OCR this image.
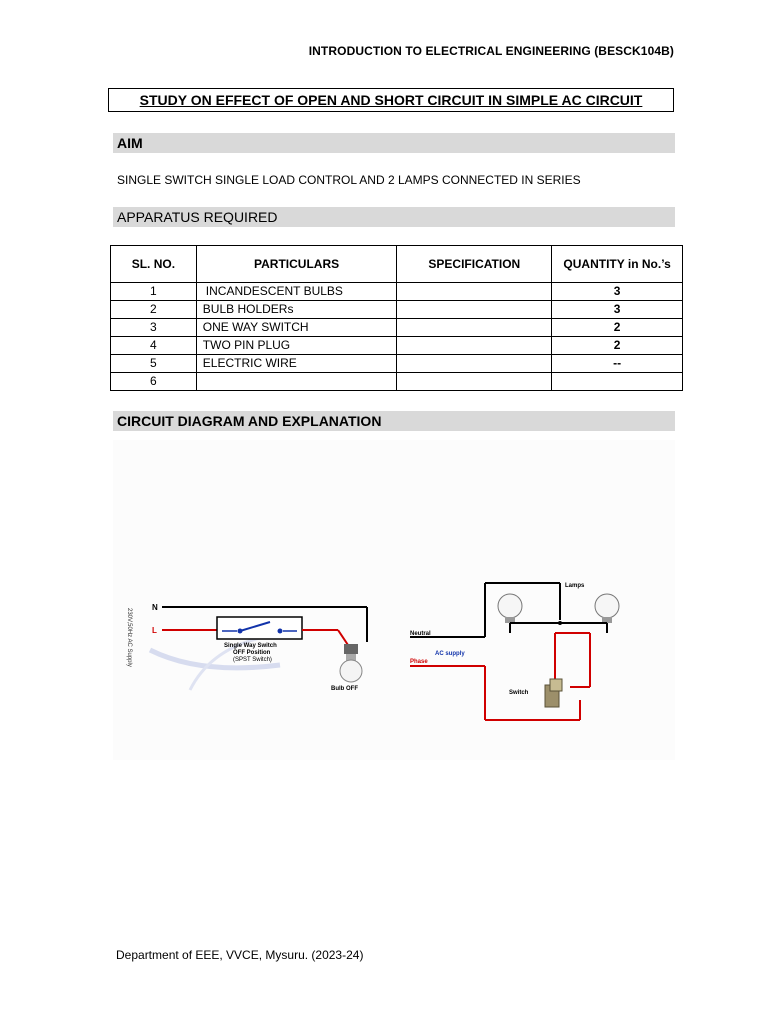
INTRODUCTION TO ELECTRICAL ENGINEERING (BESCK104B)
STUDY ON EFFECT OF OPEN AND SHORT CIRCUIT IN SIMPLE AC CIRCUIT
AIM
SINGLE SWITCH SINGLE LOAD CONTROL AND 2 LAMPS CONNECTED IN SERIES
APPARATUS REQUIRED
SL. NO.	PARTICULARS	SPECIFICATION	QUANTITY in No.’s
1	INCANDESCENT BULBS		3
2	BULB HOLDERs		3
3	ONE WAY SWITCH		2
4	TWO PIN PLUG		2
5	ELECTRIC WIRE		--
6			
CIRCUIT DIAGRAM AND EXPLANATION
230V,50Hz AC Supply
N
L
Single Way Switch
OFF Position
(SPST Switch)
Bulb OFF
Lamps
Neutral
AC supply
Phase
Switch
Department of EEE, VVCE, Mysuru. (2023-24)
